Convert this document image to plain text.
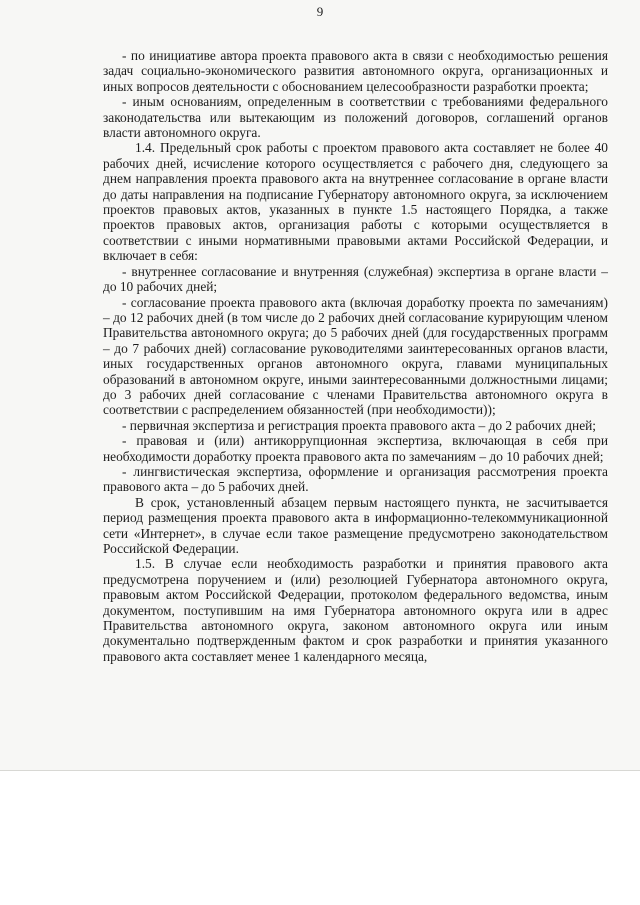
9

- по инициативе автора проекта правового акта в связи с необходимостью решения задач социально-экономического развития автономного округа, организационных и иных вопросов деятельности с обоснованием целесообразности разработки проекта;

- иным основаниям, определенным в соответствии с требованиями федерального законодательства или вытекающим из положений договоров, соглашений органов власти автономного округа.

1.4. Предельный срок работы с проектом правового акта составляет не более 40 рабочих дней, исчисление которого осуществляется с рабочего дня, следующего за днем направления проекта правового акта на внутреннее согласование в органе власти до даты направления на подписание Губернатору автономного округа, за исключением проектов правовых актов, указанных в пункте 1.5 настоящего Порядка, а также проектов правовых актов, организация работы с которыми осуществляется в соответствии с иными нормативными правовыми актами Российской Федерации, и включает в себя:

- внутреннее согласование и внутренняя (служебная) экспертиза в органе власти – до 10 рабочих дней;

- согласование проекта правового акта (включая доработку проекта по замечаниям) – до 12 рабочих дней (в том числе до 2 рабочих дней согласование курирующим членом Правительства автономного округа; до 5 рабочих дней (для государственных программ – до 7 рабочих дней) согласование руководителями заинтересованных органов власти, иных государственных органов автономного округа, главами муниципальных образований в автономном округе, иными заинтересованными должностными лицами; до 3 рабочих дней согласование с членами Правительства автономного округа в соответствии с распределением обязанностей (при необходимости));

- первичная экспертиза и регистрация проекта правового акта – до 2 рабочих дней;

- правовая и (или) антикоррупционная экспертиза, включающая в себя при необходимости доработку проекта правового акта по замечаниям – до 10 рабочих дней;

- лингвистическая экспертиза, оформление и организация рассмотрения проекта правового акта – до 5 рабочих дней.

В срок, установленный абзацем первым настоящего пункта, не засчитывается период размещения проекта правового акта в информационно-телекоммуникационной сети «Интернет», в случае если такое размещение предусмотрено законодательством Российской Федерации.

1.5. В случае если необходимость разработки и принятия правового акта предусмотрена поручением и (или) резолюцией Губернатора автономного округа, правовым актом Российской Федерации, протоколом федерального ведомства, иным документом, поступившим на имя Губернатора автономного округа или в адрес Правительства автономного округа, законом автономного округа или иным документально подтвержденным фактом и срок разработки и принятия указанного правового акта составляет менее 1 календарного месяца,
